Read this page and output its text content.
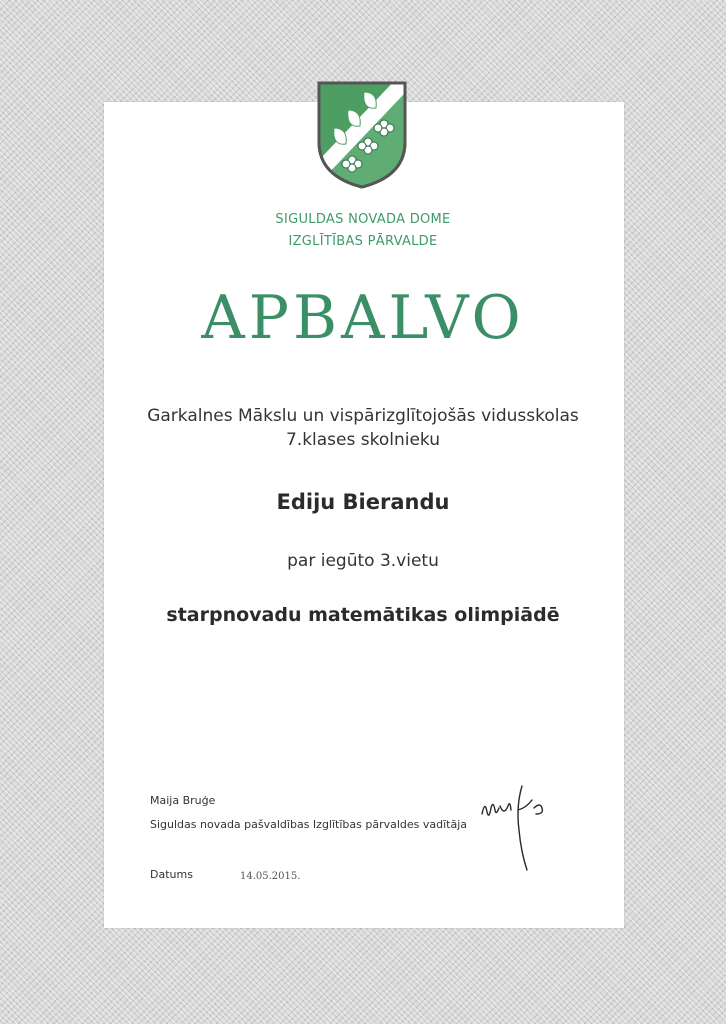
SIGULDAS NOVADA DOME
IZGLĪTĪBAS PĀRVALDE
APBALVO
Garkalnes Mākslu un vispārizglītojošās vidusskolas
7.klases skolnieku
Ediju Bierandu
par iegūto 3.vietu
starpnovadu matemātikas olimpiādē
Maija Bruģe
Siguldas novada pašvaldības Izglītības pārvaldes vadītāja
Datums	14.05.2015.
